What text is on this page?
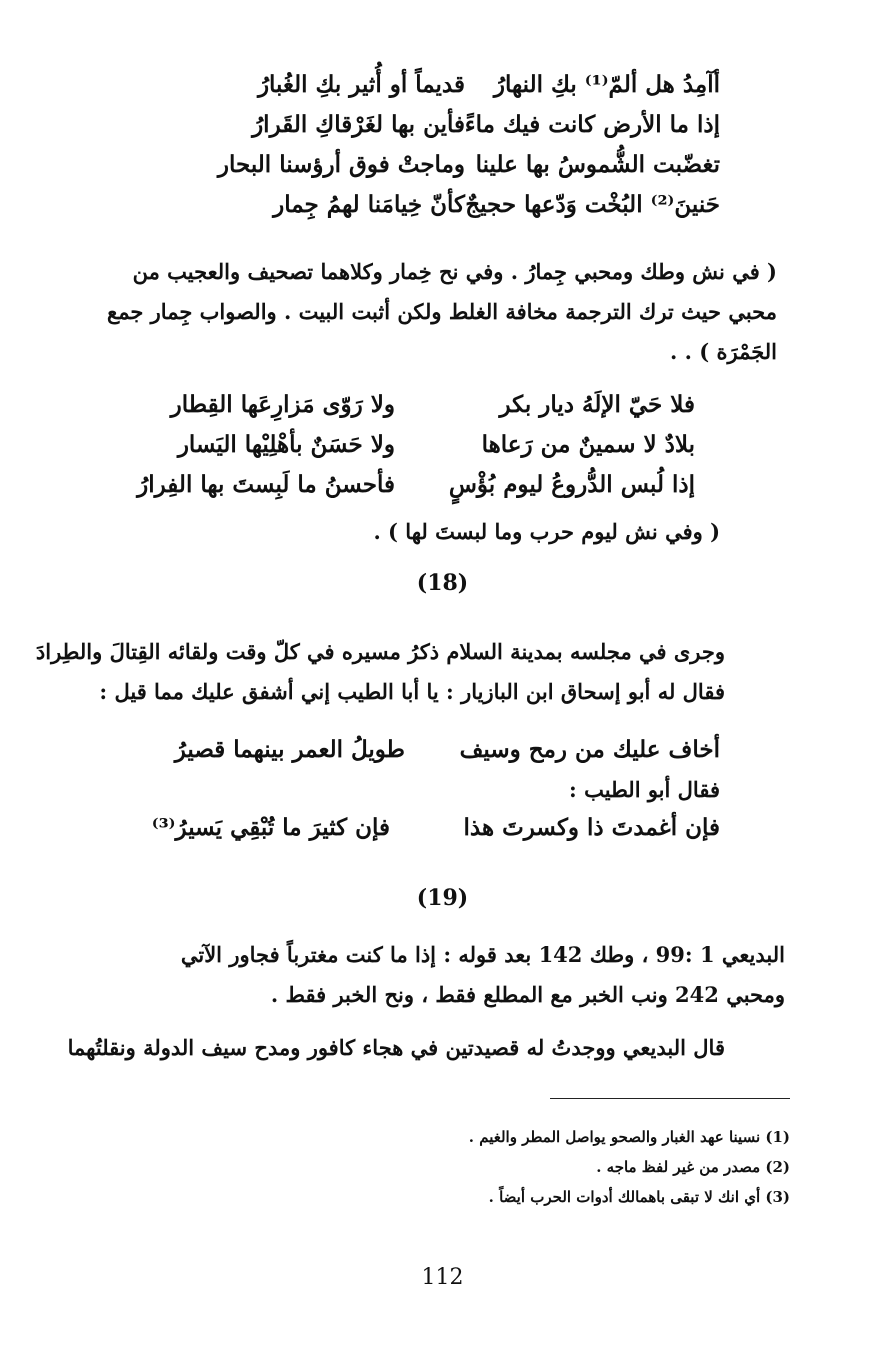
أآمِدُ هل ألمّ⁽¹⁾ بكِ النهارُ
قديماً أو أُثير بكِ الغُبارُ
إذا ما الأرض كانت فيك ماءً
فأين بها لغَرْقاكِ القَرارُ
تغضّبت الشُّموسُ بها علينا
وماجتْ فوق أرؤسنا البحار
حَنينَ⁽²⁾ البُخْت وَدّعها حجيجٌ
كأنّ خِيامَنا لهمُ جِمار

( في نش وطك ومحبي جِمارُ . وفي نح خِمار وكلاهما تصحيف والعجيب من

محبي حيث ترك الترجمة مخافة الغلط ولكن أثبت البيت . والصواب جِمار جمع

الجَمْرَة ) . .

فلا حَيّ الإلَهُ ديار بكر
ولا رَوّى مَزارِعَها القِطار
بلادٌ لا سمينٌ من رَعاها
ولا حَسَنٌ بأهْلِيْها اليَسار
إذا لُبس الدُّروعُ ليوم بُؤْسٍ
فأحسنُ ما لَبِستَ بها الفِرارُ

( وفي نش ليوم حرب وما لبستَ لها ) .

(18)

وجرى في مجلسه بمدينة السلام ذكرُ مسيره في كلّ وقت ولقائه القِتالَ والطِرادَ

فقال له أبو إسحاق ابن البازيار : يا أبا الطيب إني أشفق عليك مما قيل :

أخاف عليك من رمح وسيف
طويلُ العمر بينهما قصيرُ

فقال أبو الطيب :

فإن أغمدتَ ذا وكسرتَ هذا
فإن كثيرَ ما تُبْقِي يَسيرُ⁽³⁾
(19)

البديعي 1 :99 ، وطك 142 بعد قوله : إذا ما كنت مغترباً فجاور الآتي

ومحبي 242 ونب الخبر مع المطلع فقط ، ونح الخبر فقط .

قال البديعي ووجدتُ له قصيدتين في هجاء كافور ومدح سيف الدولة ونقلتُهما

(1) نسينا عهد الغبار والصحو يواصل المطر والغيم .
(2) مصدر من غير لفظ ماجه .
(3) أي انك لا تبقى باهمالك أدوات الحرب أيضاً .
112
